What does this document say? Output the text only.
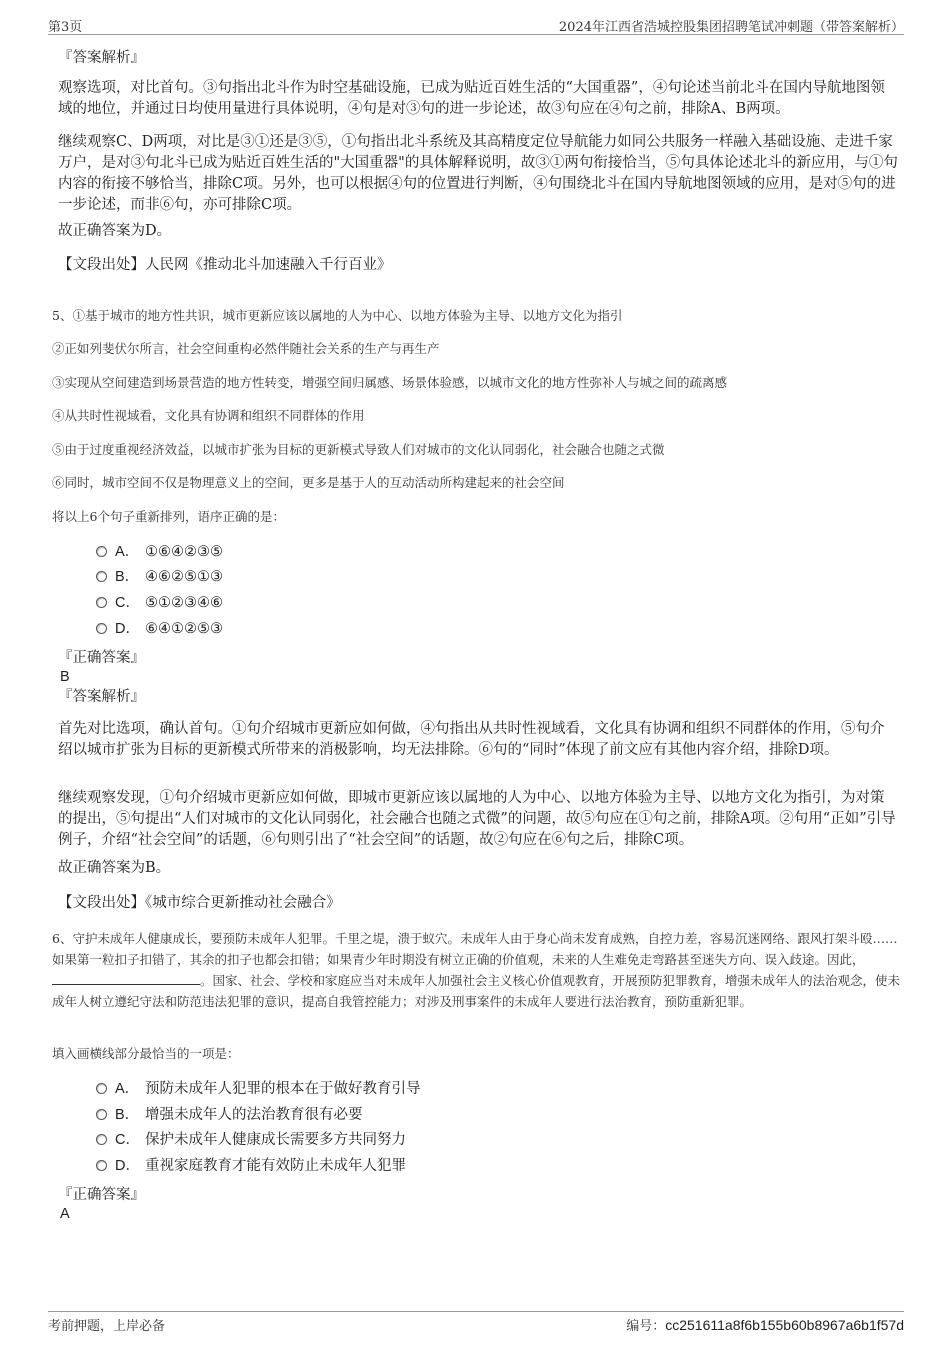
第3页	2024年江西省浩城控股集团招聘笔试冲刺题（带答案解析）

『答案解析』

观察选项，对比首句。③句指出北斗作为时空基础设施，已成为贴近百姓生活的“大国重器”，④句论述当前北斗在国内导航地图领域的地位，并通过日均使用量进行具体说明，④句是对③句的进一步论述，故③句应在④句之前，排除A、B两项。

继续观察C、D两项，对比是③①还是③⑤，①句指出北斗系统及其高精度定位导航能力如同公共服务一样融入基础设施、走进千家万户，是对③句北斗已成为贴近百姓生活的"大国重器"的具体解释说明，故③①两句衔接恰当，⑤句具体论述北斗的新应用，与①句内容的衔接不够恰当，排除C项。另外，也可以根据④句的位置进行判断，④句围绕北斗在国内导航地图领域的应用，是对⑤句的进一步论述，而非⑥句，亦可排除C项。

故正确答案为D。

【文段出处】人民网《推动北斗加速融入千行百业》

5、①基于城市的地方性共识，城市更新应该以属地的人为中心、以地方体验为主导、以地方文化为指引

②正如列斐伏尔所言，社会空间重构必然伴随社会关系的生产与再生产

③实现从空间建造到场景营造的地方性转变，增强空间归属感、场景体验感，以城市文化的地方性弥补人与城之间的疏离感

④从共时性视域看，文化具有协调和组织不同群体的作用

⑤由于过度重视经济效益，以城市扩张为目标的更新模式导致人们对城市的文化认同弱化，社会融合也随之式微

⑥同时，城市空间不仅是物理意义上的空间，更多是基于人的互动活动所构建起来的社会空间

将以上6个句子重新排列，语序正确的是：

A． ①⑥④②③⑤
B． ④⑥②⑤①③
C． ⑤①②③④⑥
D． ⑥④①②⑤③

『正确答案』

B

『答案解析』

首先对比选项，确认首句。①句介绍城市更新应如何做，④句指出从共时性视域看，文化具有协调和组织不同群体的作用，⑤句介绍以城市扩张为目标的更新模式所带来的消极影响，均无法排除。⑥句的“同时”体现了前文应有其他内容介绍，排除D项。

继续观察发现，①句介绍城市更新应如何做，即城市更新应该以属地的人为中心、以地方体验为主导、以地方文化为指引，为对策的提出，⑤句提出“人们对城市的文化认同弱化，社会融合也随之式微”的问题，故⑤句应在①句之前，排除A项。②句用“正如”引导例子，介绍“社会空间”的话题，⑥句则引出了“社会空间”的话题，故②句应在⑥句之后，排除C项。

故正确答案为B。

【文段出处】《城市综合更新推动社会融合》

6、守护未成年人健康成长，要预防未成年人犯罪。千里之堤，溃于蚁穴。未成年人由于身心尚未发育成熟，自控力差，容易沉迷网络、跟风打架斗殴……如果第一粒扣子扣错了，其余的扣子也都会扣错；如果青少年时期没有树立正确的价值观，未来的人生难免走弯路甚至迷失方向、误入歧途。因此，。国家、社会、学校和家庭应当对未成年人加强社会主义核心价值观教育，开展预防犯罪教育，增强未成年人的法治观念，使未成年人树立遵纪守法和防范违法犯罪的意识，提高自我管控能力；对涉及刑事案件的未成年人要进行法治教育，预防重新犯罪。

填入画横线部分最恰当的一项是：

A． 预防未成年人犯罪的根本在于做好教育引导
B． 增强未成年人的法治教育很有必要
C． 保护未成年人健康成长需要多方共同努力
D． 重视家庭教育才能有效防止未成年人犯罪

『正确答案』

A

考前押题，上岸必备	编号：cc251611a8f6b155b60b8967a6b1f57d
